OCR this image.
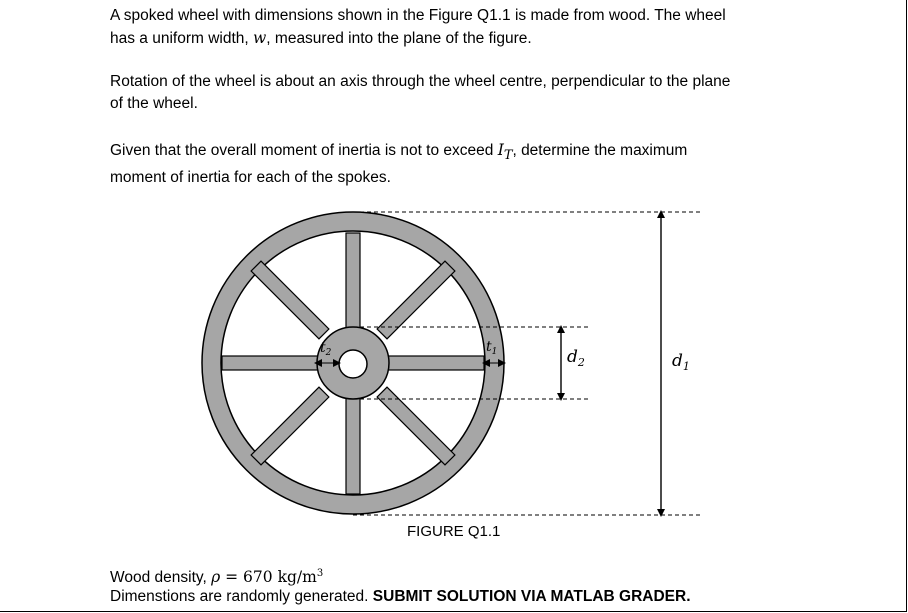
A spoked wheel with dimensions shown in the Figure Q1.1 is made from wood. The wheel
has a uniform width, w, measured into the plane of the figure.

Rotation of the wheel is about an axis through the wheel centre, perpendicular to the plane
of the wheel.

Given that the overall moment of inertia is not to exceed $I_T$, determine the maximum
moment of inertia for each of the spokes.

$d_1$
$d_2$
$t_1$
$t_2$
FIGURE Q1.1
Wood density, ρ = 670 $kg/m^3$
Dimenstions are randomly generated. SUBMIT SOLUTION VIA MATLAB GRADER.
